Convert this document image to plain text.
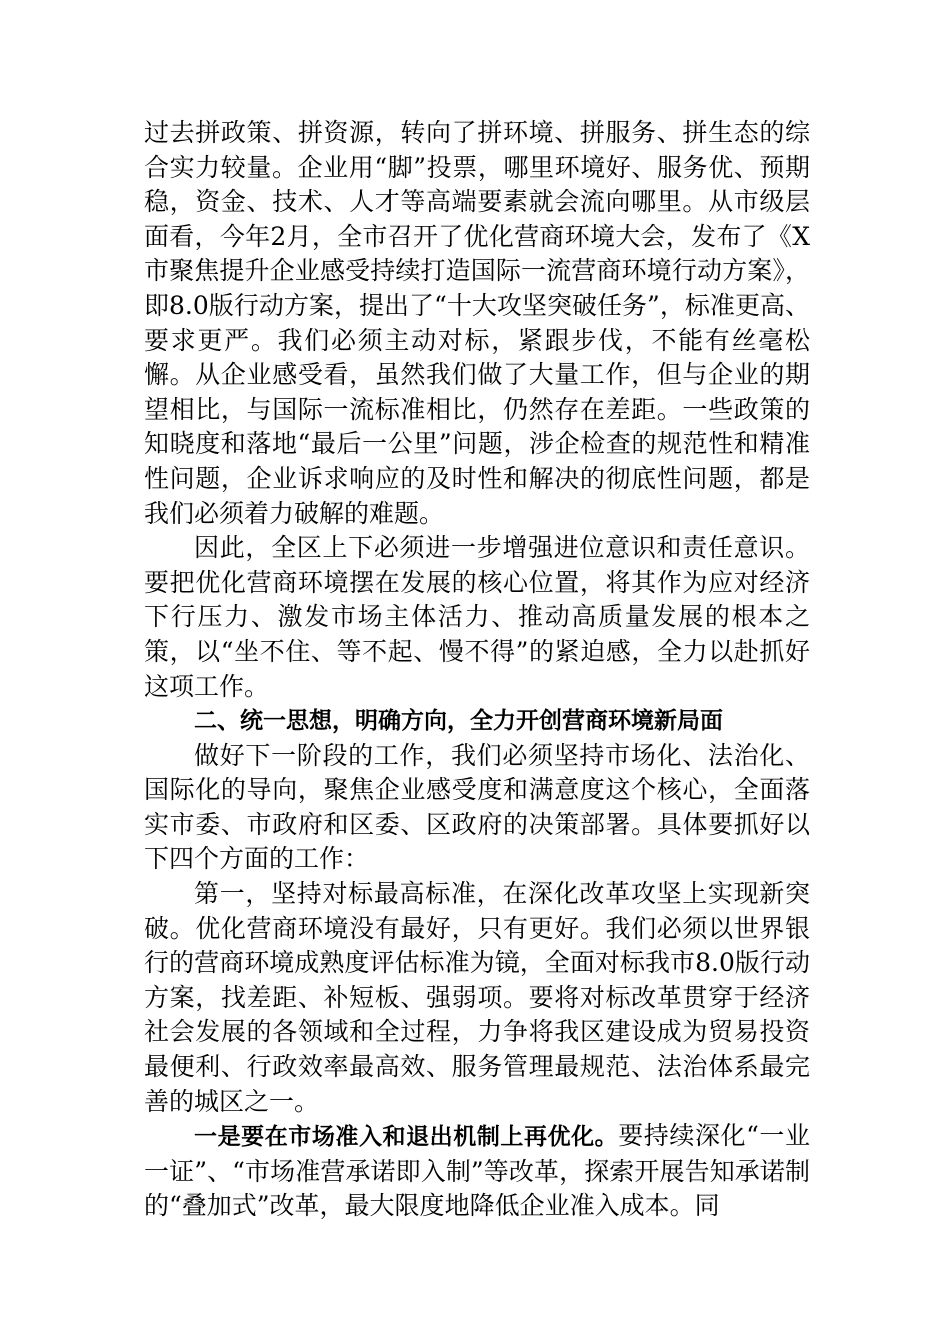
过去拼政策、拼资源，转向了拼环境、拼服务、拼生态的综合实力较量。企业用“脚”投票，哪里环境好、服务优、预期稳，资金、技术、人才等高端要素就会流向哪里。从市级层面看，今年2月，全市召开了优化营商环境大会，发布了《X市聚焦提升企业感受持续打造国际一流营商环境行动方案》，即8.0版行动方案，提出了“十大攻坚突破任务”，标准更高、要求更严。我们必须主动对标，紧跟步伐，不能有丝毫松懈。从企业感受看，虽然我们做了大量工作，但与企业的期望相比，与国际一流标准相比，仍然存在差距。一些政策的知晓度和落地“最后一公里”问题，涉企检查的规范性和精准性问题，企业诉求响应的及时性和解决的彻底性问题，都是我们必须着力破解的难题。

因此，全区上下必须进一步增强进位意识和责任意识。要把优化营商环境摆在发展的核心位置，将其作为应对经济下行压力、激发市场主体活力、推动高质量发展的根本之策，以“坐不住、等不起、慢不得”的紧迫感，全力以赴抓好这项工作。

二、统一思想，明确方向，全力开创营商环境新局面

做好下一阶段的工作，我们必须坚持市场化、法治化、国际化的导向，聚焦企业感受度和满意度这个核心，全面落实市委、市政府和区委、区政府的决策部署。具体要抓好以下四个方面的工作：

第一，坚持对标最高标准，在深化改革攻坚上实现新突破。优化营商环境没有最好，只有更好。我们必须以世界银行的营商环境成熟度评估标准为镜，全面对标我市8.0版行动方案，找差距、补短板、强弱项。要将对标改革贯穿于经济社会发展的各领域和全过程，力争将我区建设成为贸易投资最便利、行政效率最高效、服务管理最规范、法治体系最完善的城区之一。

一是要在市场准入和退出机制上再优化。要持续深化“一业一证”、“市场准营承诺即入制”等改革，探索开展告知承诺制的“叠加式”改革，最大限度地降低企业准入成本。同
